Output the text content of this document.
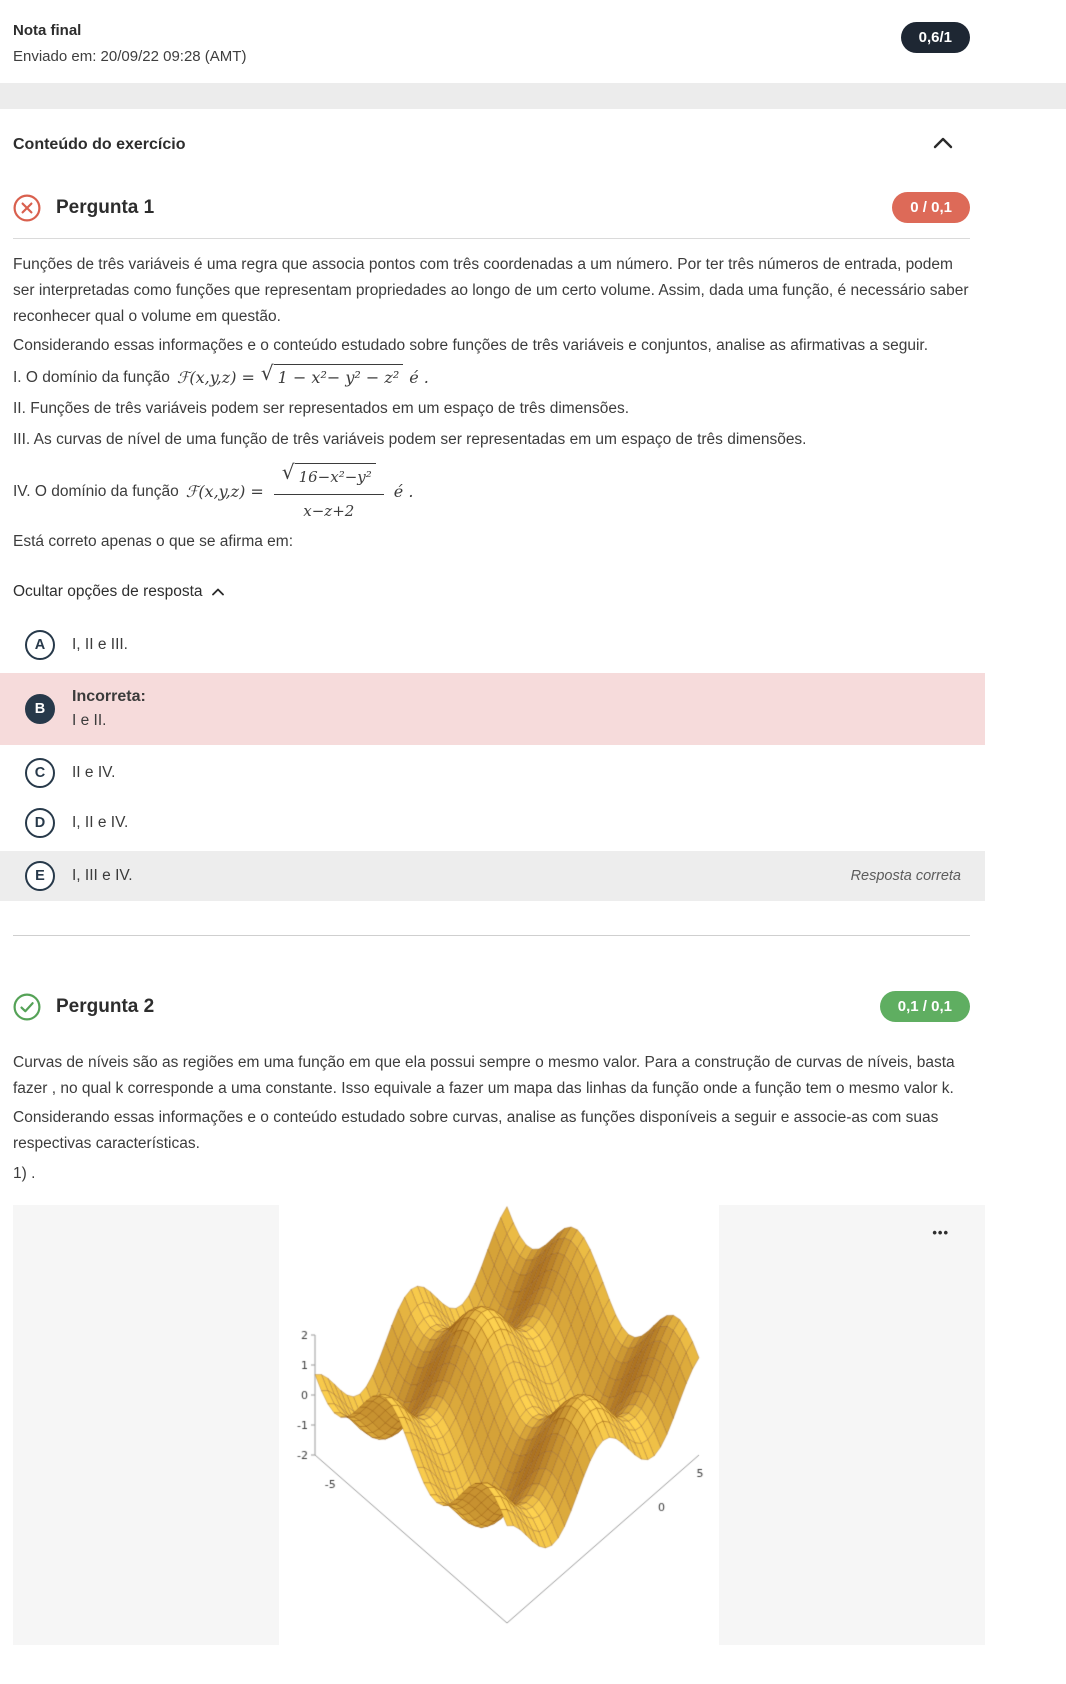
Nota final
Enviado em: 20/09/22 09:28 (AMT)
0,6/1
Conteúdo do exercício
Pergunta 1	0 / 0,1

Funções de três variáveis é uma regra que associa pontos com três coordenadas a um número. Por ter três números de entrada, podem ser interpretadas como funções que representam propriedades ao longo de um certo volume. Assim, dada uma função, é necessário saber reconhecer qual o volume em questão.

Considerando essas informações e o conteúdo estudado sobre funções de três variáveis e conjuntos, analise as afirmativas a seguir.

I. O domínio da função ℱ(x,y,z) = √ 1 − x²− y² − z² é .
II. Funções de três variáveis podem ser representados em um espaço de três dimensões.
III. As curvas de nível de uma função de três variáveis podem ser representadas em um espaço de três dimensões.
IV. O domínio da função ℱ(x,y,z) = √ $\frac{\text{16−x²−y²}}{x-z+2}$ é .

Está correto apenas o que se afirma em:

Ocultar opções de resposta
A	I, II e III.
B
Incorreta:
I e II.
C	II e IV.
D	I, II e IV.
E	I, III e IV.	Resposta correta
Pergunta 2	0,1 / 0,1

Curvas de níveis são as regiões em uma função em que ela possui sempre o mesmo valor. Para a construção de curvas de níveis, basta fazer , no qual k corresponde a uma constante. Isso equivale a fazer um mapa das linhas da função onde a função tem o mesmo valor k.

Considerando essas informações e o conteúdo estudado sobre curvas, analise as funções disponíveis a seguir e associe-as com suas respectivas características.

1) .
•••
